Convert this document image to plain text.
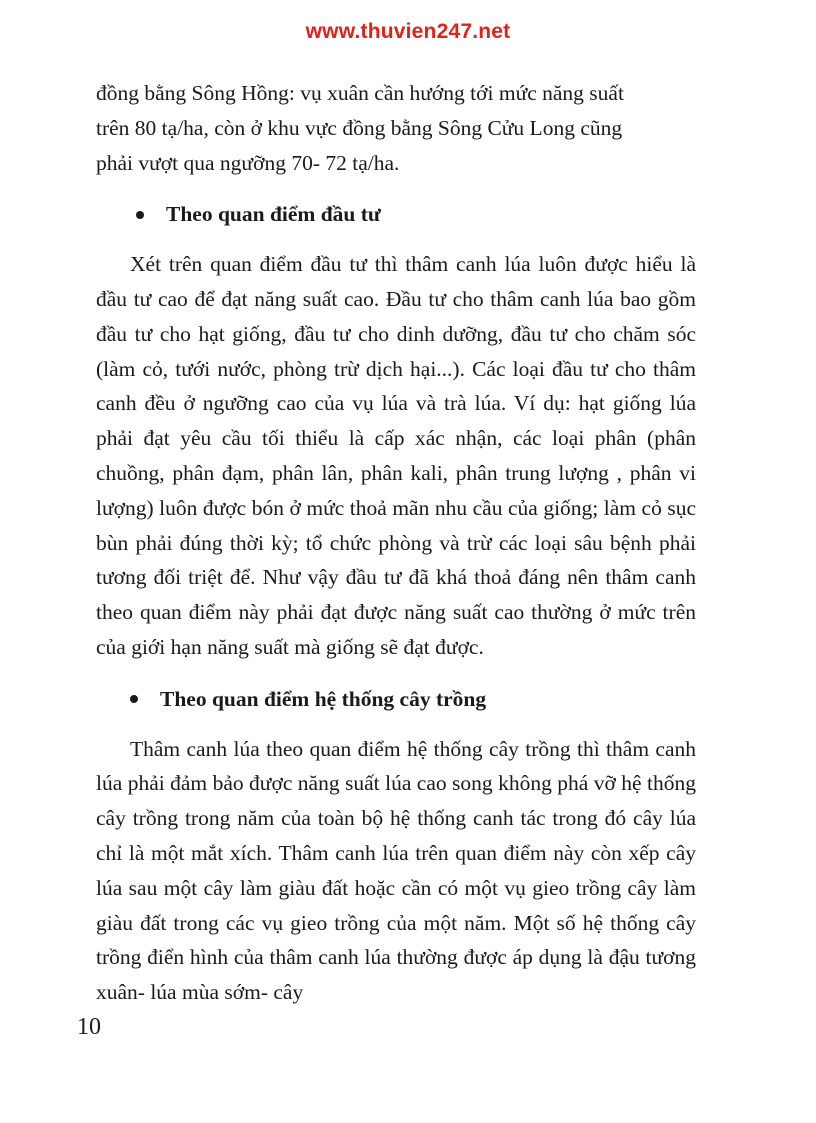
www.thuvien247.net

đồng bằng Sông Hồng: vụ xuân cần hướng tới mức năng suất
trên 80 tạ/ha, còn ở khu vực đồng bằng Sông Cửu Long cũng
phải vượt qua ngưỡng 70- 72 tạ/ha.

Theo quan điểm đầu tư

Xét trên quan điểm đầu tư thì thâm canh lúa luôn được hiểu là đầu tư cao để đạt năng suất cao. Đầu tư cho thâm canh lúa bao gồm đầu tư cho hạt giống, đầu tư cho dinh dưỡng, đầu tư cho chăm sóc (làm cỏ, tưới nước, phòng trừ dịch hại...). Các loại đầu tư cho thâm canh đều ở ngưỡng cao của vụ lúa và trà lúa. Ví dụ: hạt giống lúa phải đạt yêu cầu tối thiểu là cấp xác nhận, các loại phân (phân chuồng, phân đạm, phân lân, phân kali, phân trung lượng , phân vi lượng) luôn được bón ở mức thoả mãn nhu cầu của giống; làm cỏ sục bùn phải đúng thời kỳ; tổ chức phòng và trừ các loại sâu bệnh phải tương đối triệt để. Như vậy đầu tư đã khá thoả đáng nên thâm canh theo quan điểm này phải đạt được năng suất cao thường ở mức trên của giới hạn năng suất mà giống sẽ đạt được.

Theo quan điểm hệ thống cây trồng

Thâm canh lúa theo quan điểm hệ thống cây trồng thì thâm canh lúa phải đảm bảo được năng suất lúa cao song không phá vỡ hệ thống cây trồng trong năm của toàn bộ hệ thống canh tác trong đó cây lúa chỉ là một mắt xích. Thâm canh lúa trên quan điểm này còn xếp cây lúa sau một cây làm giàu đất hoặc cần có một vụ gieo trồng cây làm giàu đất trong các vụ gieo trồng của một năm. Một số hệ thống cây trồng điển hình của thâm canh lúa thường được áp dụng là đậu tương xuân- lúa mùa sớm- cây

10
